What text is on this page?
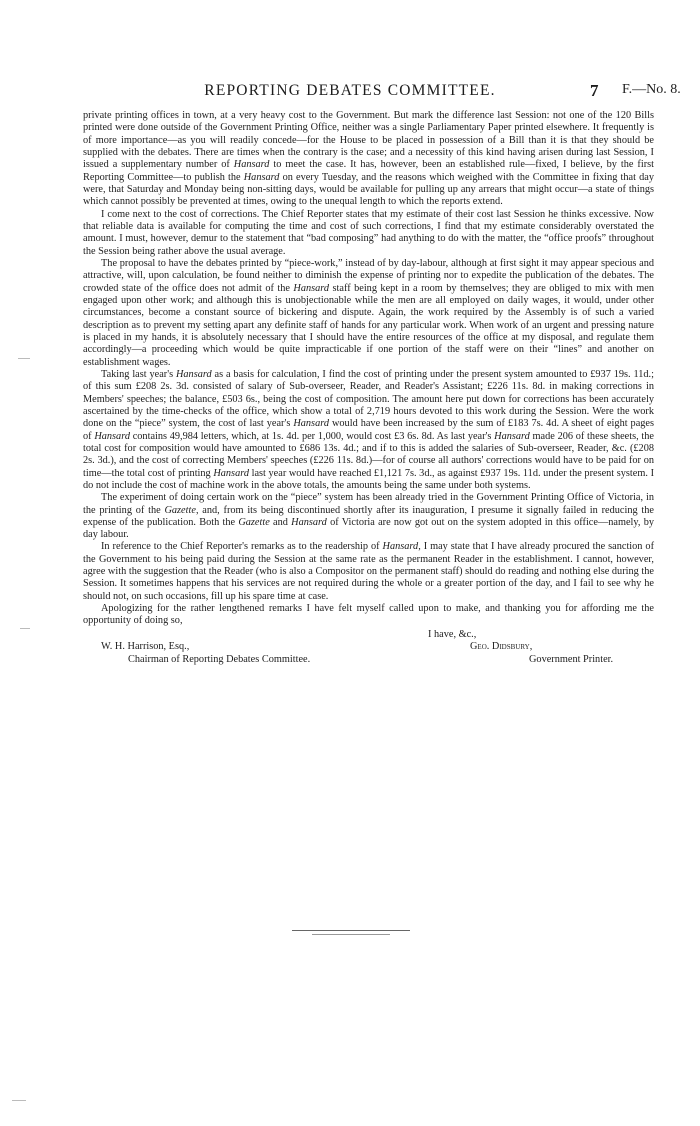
REPORTING DEBATES COMMITTEE.	7 F.—No. 8.

private printing offices in town, at a very heavy cost to the Government. But mark the difference last Session: not one of the 120 Bills printed were done outside of the Government Printing Office, neither was a single Parliamentary Paper printed elsewhere. It frequently is of more importance—as you will readily concede—for the House to be placed in possession of a Bill than it is that they should be supplied with the debates. There are times when the contrary is the case; and a necessity of this kind having arisen during last Session, I issued a supplementary number of Hansard to meet the case. It has, however, been an established rule—fixed, I believe, by the first Reporting Committee—to publish the Hansard on every Tuesday, and the reasons which weighed with the Committee in fixing that day were, that Saturday and Monday being non-sitting days, would be available for pulling up any arrears that might occur—a state of things which cannot possibly be prevented at times, owing to the unequal length to which the reports extend.

I come next to the cost of corrections. The Chief Reporter states that my estimate of their cost last Session he thinks excessive. Now that reliable data is available for computing the time and cost of such corrections, I find that my estimate considerably overstated the amount. I must, however, demur to the statement that “bad composing” had anything to do with the matter, the “office proofs” throughout the Session being rather above the usual average.

The proposal to have the debates printed by “piece-work,” instead of by day-labour, although at first sight it may appear specious and attractive, will, upon calculation, be found neither to diminish the expense of printing nor to expedite the publication of the debates. The crowded state of the office does not admit of the Hansard staff being kept in a room by themselves; they are obliged to mix with men engaged upon other work; and although this is unobjectionable while the men are all employed on daily wages, it would, under other circumstances, become a constant source of bickering and dispute. Again, the work required by the Assembly is of such a varied description as to prevent my setting apart any definite staff of hands for any particular work. When work of an urgent and pressing nature is placed in my hands, it is absolutely necessary that I should have the entire resources of the office at my disposal, and regulate them accordingly—a proceeding which would be quite impracticable if one portion of the staff were on their “lines” and another on establishment wages.

Taking last year's Hansard as a basis for calculation, I find the cost of printing under the present system amounted to £937 19s. 11d.; of this sum £208 2s. 3d. consisted of salary of Sub-overseer, Reader, and Reader's Assistant; £226 11s. 8d. in making corrections in Members' speeches; the balance, £503 6s., being the cost of composition. The amount here put down for corrections has been accurately ascertained by the time-checks of the office, which show a total of 2,719 hours devoted to this work during the Session. Were the work done on the “piece” system, the cost of last year's Hansard would have been increased by the sum of £183 7s. 4d. A sheet of eight pages of Hansard contains 49,984 letters, which, at 1s. 4d. per 1,000, would cost £3 6s. 8d. As last year's Hansard made 206 of these sheets, the total cost for composition would have amounted to £686 13s. 4d.; and if to this is added the salaries of Sub-overseer, Reader, &c. (£208 2s. 3d.), and the cost of correcting Members' speeches (£226 11s. 8d.)—for of course all authors' corrections would have to be paid for on time—the total cost of printing Hansard last year would have reached £1,121 7s. 3d., as against £937 19s. 11d. under the present system. I do not include the cost of machine work in the above totals, the amounts being the same under both systems.

The experiment of doing certain work on the “piece” system has been already tried in the Government Printing Office of Victoria, in the printing of the Gazette, and, from its being discontinued shortly after its inauguration, I presume it signally failed in reducing the expense of the publication. Both the Gazette and Hansard of Victoria are now got out on the system adopted in this office—namely, by day labour.

In reference to the Chief Reporter's remarks as to the readership of Hansard, I may state that I have already procured the sanction of the Government to his being paid during the Session at the same rate as the permanent Reader in the establishment. I cannot, however, agree with the suggestion that the Reader (who is also a Compositor on the permanent staff) should do reading and nothing else during the Session. It sometimes happens that his services are not required during the whole or a greater portion of the day, and I fail to see why he should not, on such occasions, fill up his spare time at case.

Apologizing for the rather lengthened remarks I have felt myself called upon to make, and thanking you for affording me the opportunity of doing so,

I have, &c.,
W. H. Harrison, Esq.,	Geo. Didsbury,
Chairman of Reporting Debates Committee.	Government Printer.
